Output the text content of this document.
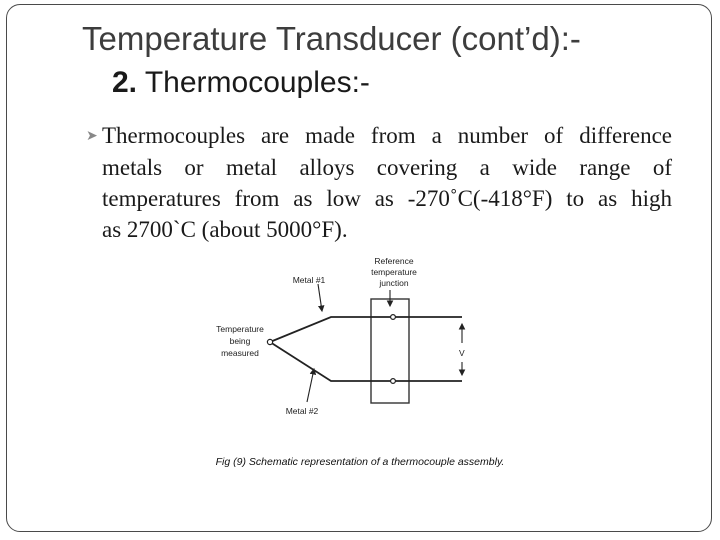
Temperature Transducer (cont’d):-
2. Thermocouples:-
➤ Thermocouples are made from a number of difference
metals or metal alloys covering a wide range of
temperatures from as low as -270˚C(-418°F) to as high
as 2700`C (about 5000°F).
Metal #1
Reference
temperature
junction
Temperature
being
measured	V
Metal #2
Fig (9) Schematic representation of a thermocouple assembly.
